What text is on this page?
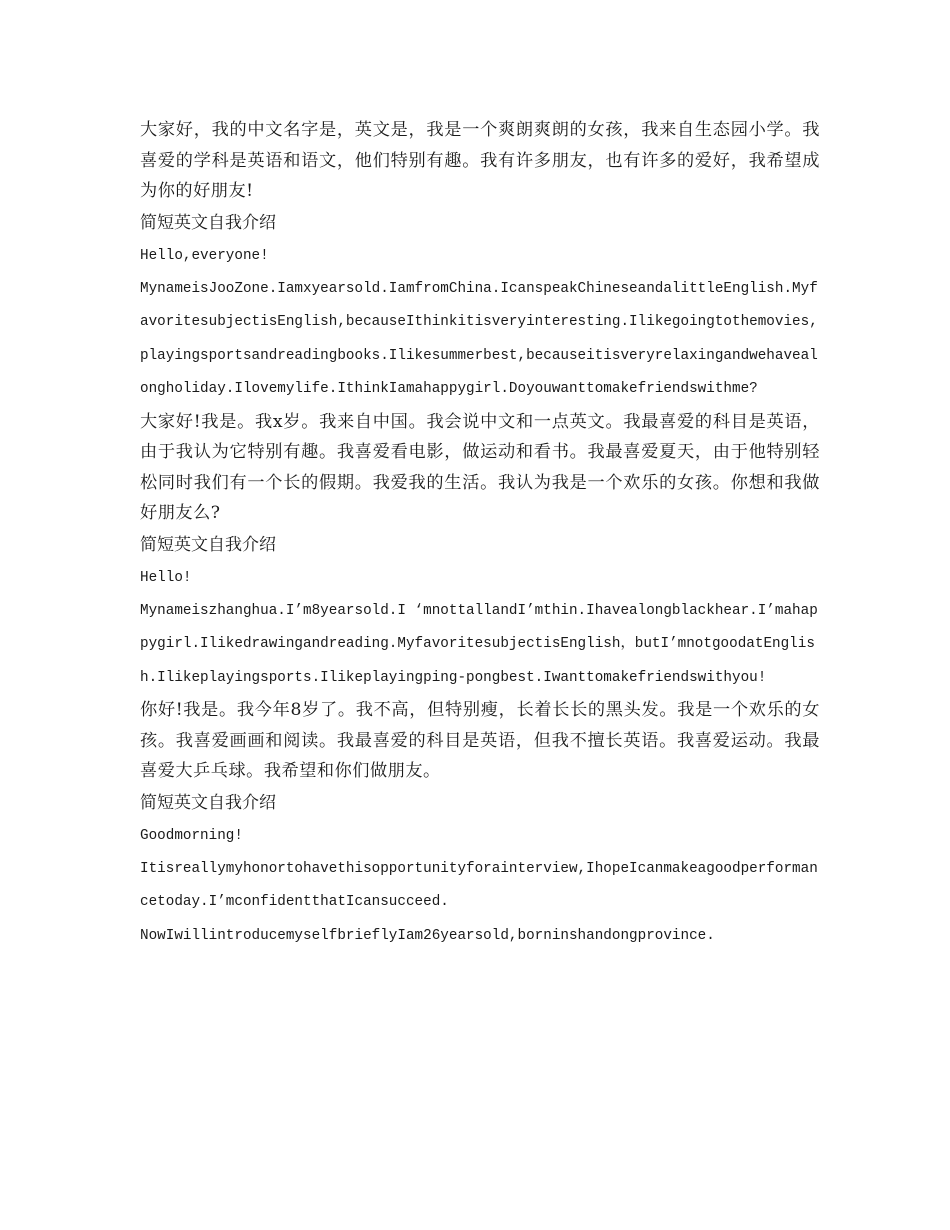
大家好，我的中文名字是，英文是，我是一个爽朗爽朗的女孩，我来自生态园小学。我喜爱的学科是英语和语文，他们特别有趣。我有许多朋友，也有许多的爱好，我希望成为你的好朋友!

简短英文自我介绍

Hello,everyone!

MynameisJooZone.Iamxyearsold.IamfromChina.IcanspeakChineseandalittleEnglish.MyfavoritesubjectisEnglish,becauseIthinkitisveryinteresting.Ilikegoingtothemovies,playingsportsandreadingbooks.Ilikesummerbest,becauseitisveryrelaxingandwehavealongholiday.Ilovemylife.IthinkIamahappygirl.Doyouwanttomakefriendswithme?

大家好!我是。我x岁。我来自中国。我会说中文和一点英文。我最喜爱的科目是英语，由于我认为它特别有趣。我喜爱看电影，做运动和看书。我最喜爱夏天，由于他特别轻松同时我们有一个长的假期。我爱我的生活。我认为我是一个欢乐的女孩。你想和我做好朋友么?

简短英文自我介绍

Hello!

Mynameiszhanghua.I’m8yearsold.I ‘mnottallandI’mthin.Ihavealongblackhear.I’mahappygirl.Ilikedrawingandreading.MyfavoritesubjectisEnglish，butI’mnotgoodatEnglish.Ilikeplayingsports.Ilikeplayingping-pongbest.Iwanttomakefriendswithyou!

你好!我是。我今年8岁了。我不高，但特别瘦，长着长长的黑头发。我是一个欢乐的女孩。我喜爱画画和阅读。我最喜爱的科目是英语，但我不擅长英语。我喜爱运动。我最喜爱大乒乓球。我希望和你们做朋友。

简短英文自我介绍

Goodmorning!

Itisreallymyhonortohavethisopportunityforainterview,IhopeIcanmakeagoodperformancetoday.I’mconfidentthatIcansucceed.

NowIwillintroducemyselfbrieflyIam26yearsold,borninshandongprovince.
